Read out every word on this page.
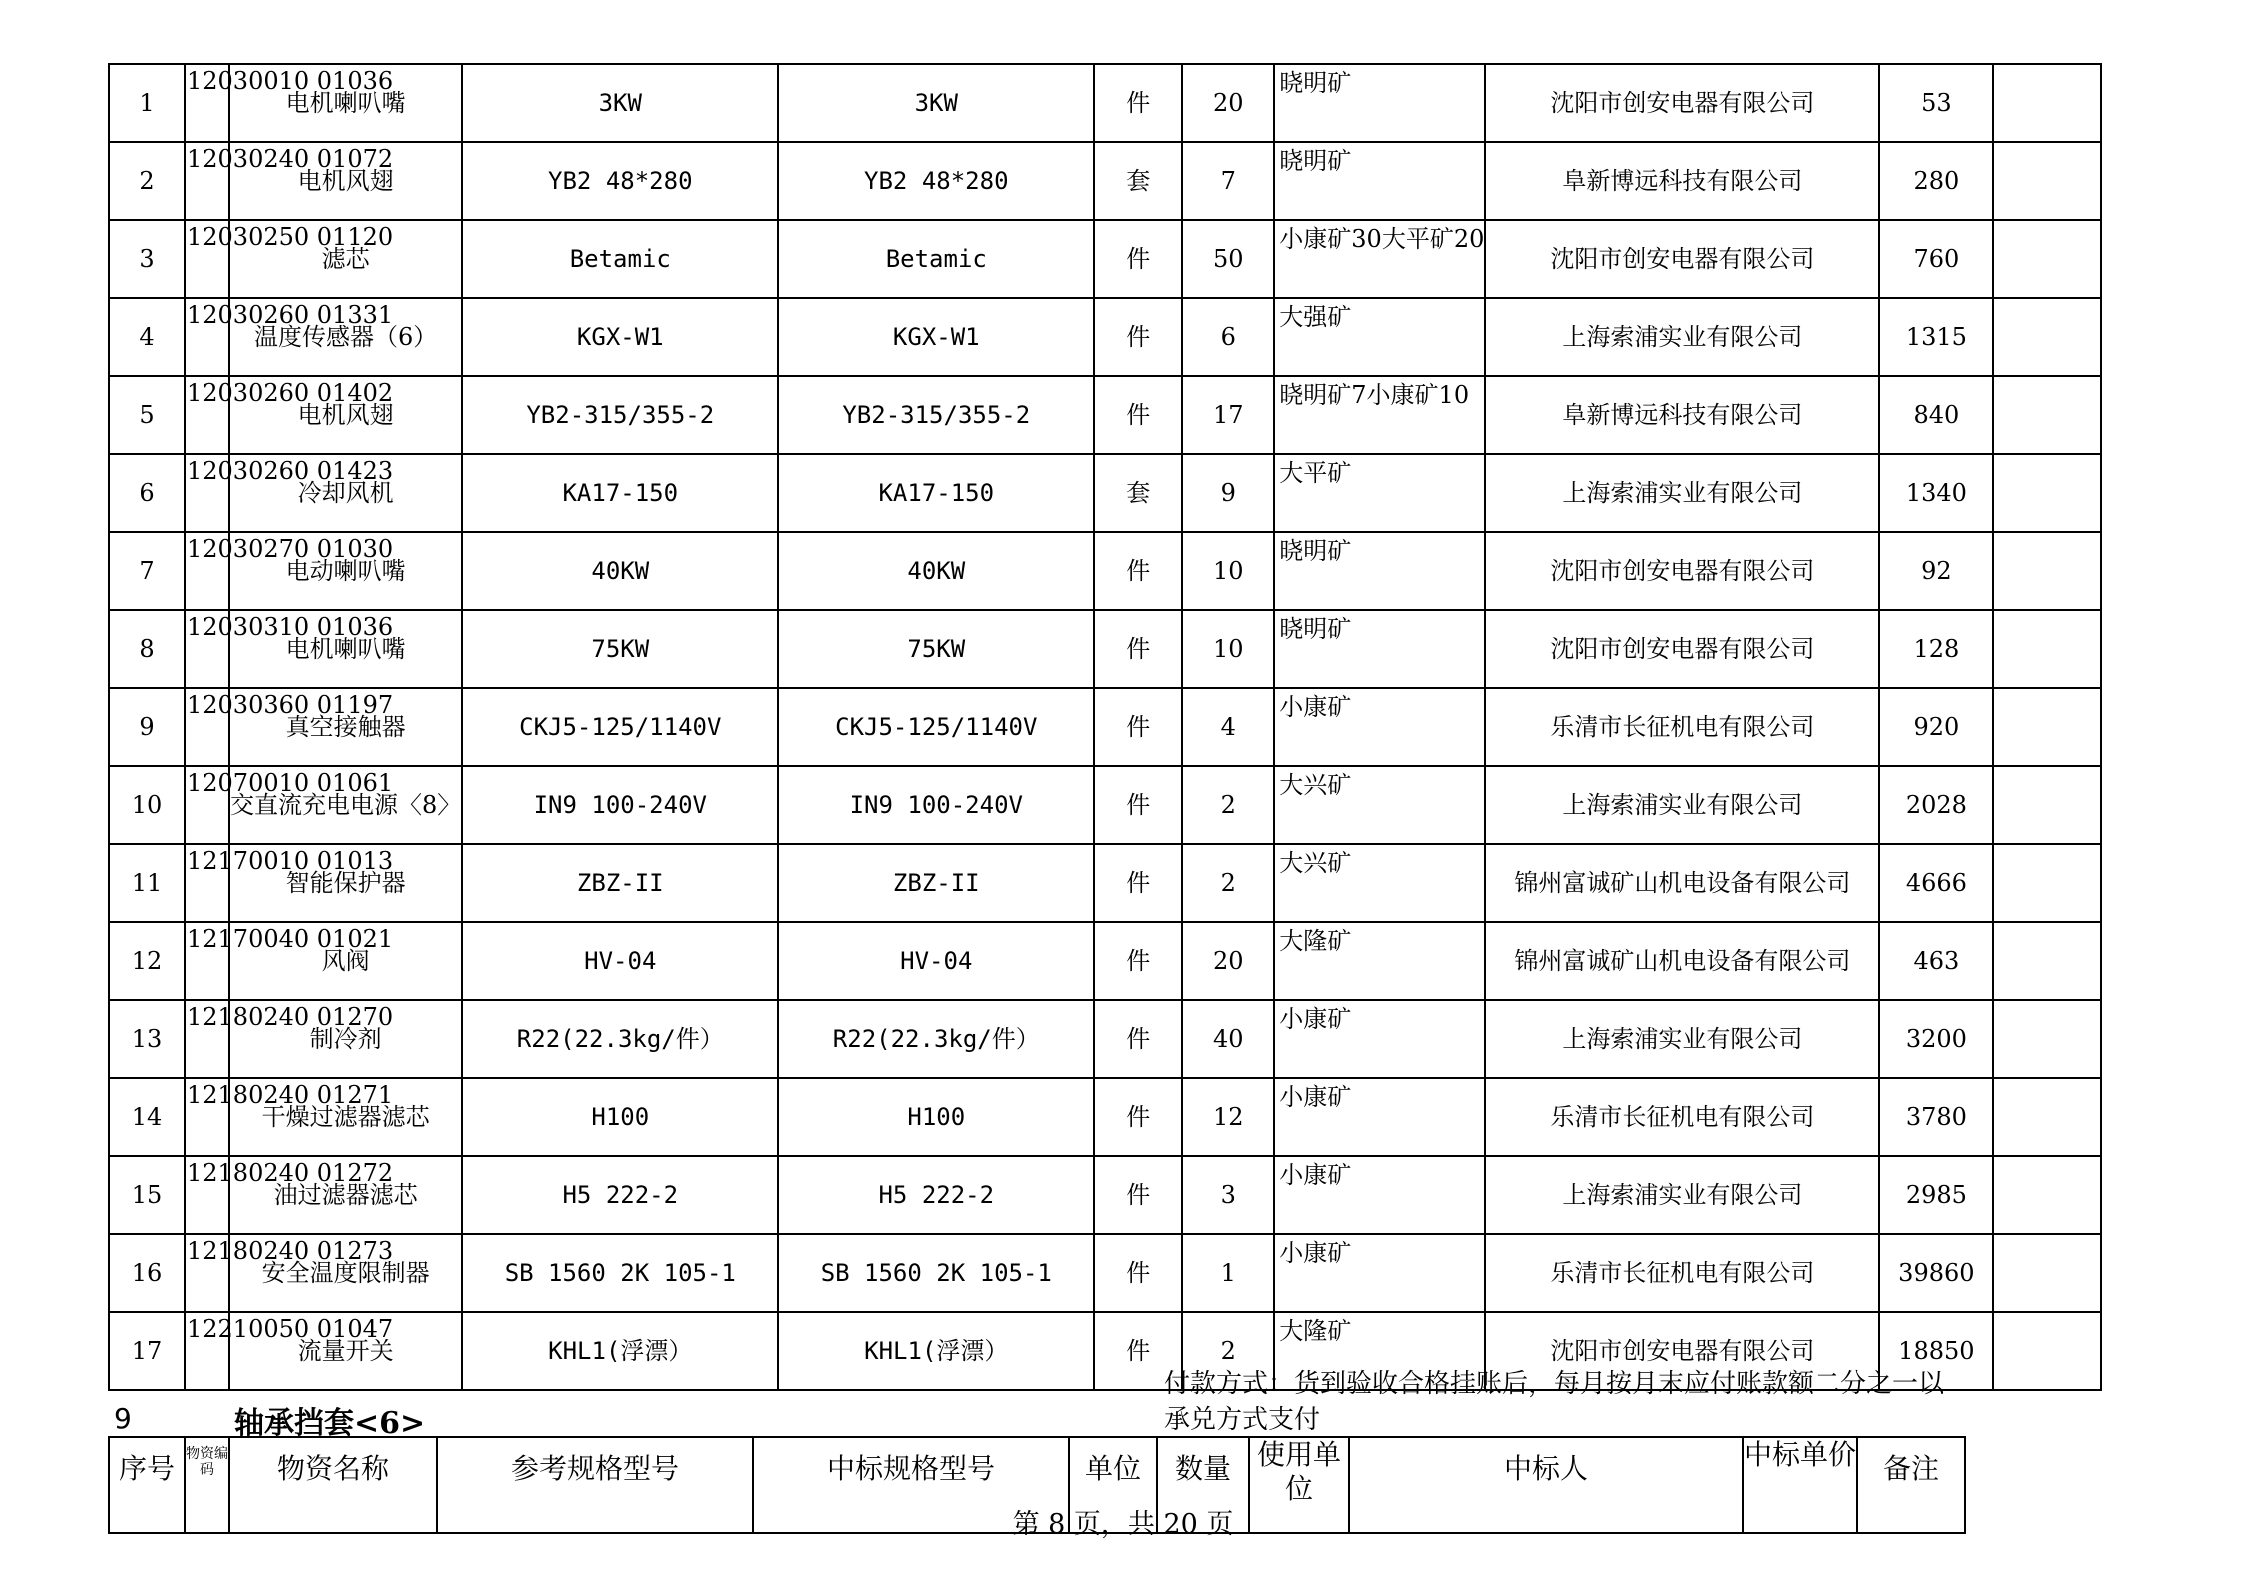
1	12030010 01036	电机喇叭嘴	3KW	3KW	件	20	晓明矿	沈阳市创安电器有限公司	53	
2	12030240 01072	电机风翅	YB2 48*280	YB2 48*280	套	7	晓明矿	阜新博远科技有限公司	280	
3	12030250 01120	滤芯	Betamic	Betamic	件	50	小康矿30大平矿20	沈阳市创安电器有限公司	760	
4	12030260 01331	温度传感器（6）	KGX-W1	KGX-W1	件	6	大强矿	上海索浦实业有限公司	1315	
5	12030260 01402	电机风翅	YB2-315/355-2	YB2-315/355-2	件	17	晓明矿7小康矿10	阜新博远科技有限公司	840	
6	12030260 01423	冷却风机	KA17-150	KA17-150	套	9	大平矿	上海索浦实业有限公司	1340	
7	12030270 01030	电动喇叭嘴	40KW	40KW	件	10	晓明矿	沈阳市创安电器有限公司	92	
8	12030310 01036	电机喇叭嘴	75KW	75KW	件	10	晓明矿	沈阳市创安电器有限公司	128	
9	12030360 01197	真空接触器	CKJ5-125/1140V	CKJ5-125/1140V	件	4	小康矿	乐清市长征机电有限公司	920	
10	12070010 01061	交直流充电电源〈8〉	IN9 100-240V	IN9 100-240V	件	2	大兴矿	上海索浦实业有限公司	2028	
11	12170010 01013	智能保护器	ZBZ-II	ZBZ-II	件	2	大兴矿	锦州富诚矿山机电设备有限公司	4666	
12	12170040 01021	风阀	HV-04	HV-04	件	20	大隆矿	锦州富诚矿山机电设备有限公司	463	
13	12180240 01270	制冷剂	R22(22.3kg/件）	R22(22.3kg/件）	件	40	小康矿	上海索浦实业有限公司	3200	
14	12180240 01271	干燥过滤器滤芯	H100	H100	件	12	小康矿	乐清市长征机电有限公司	3780	
15	12180240 01272	油过滤器滤芯	H5 222-2	H5 222-2	件	3	小康矿	上海索浦实业有限公司	2985	
16	12180240 01273	安全温度限制器	SB 1560 2K 105-1	SB 1560 2K 105-1	件	1	小康矿	乐清市长征机电有限公司	39860	
17	12210050 01047	流量开关	KHL1(浮漂）	KHL1(浮漂）	件	2	大隆矿	沈阳市创安电器有限公司	18850	
9	轴承挡套<6>
付款方式：货到验收合格挂账后，每月按月末应付账款额二分之一以承兑方式支付
序号	物资编码	物资名称	参考规格型号	中标规格型号	单位	数量	使用单位	中标人	中标单价	备注
第 8 页，共 20 页
